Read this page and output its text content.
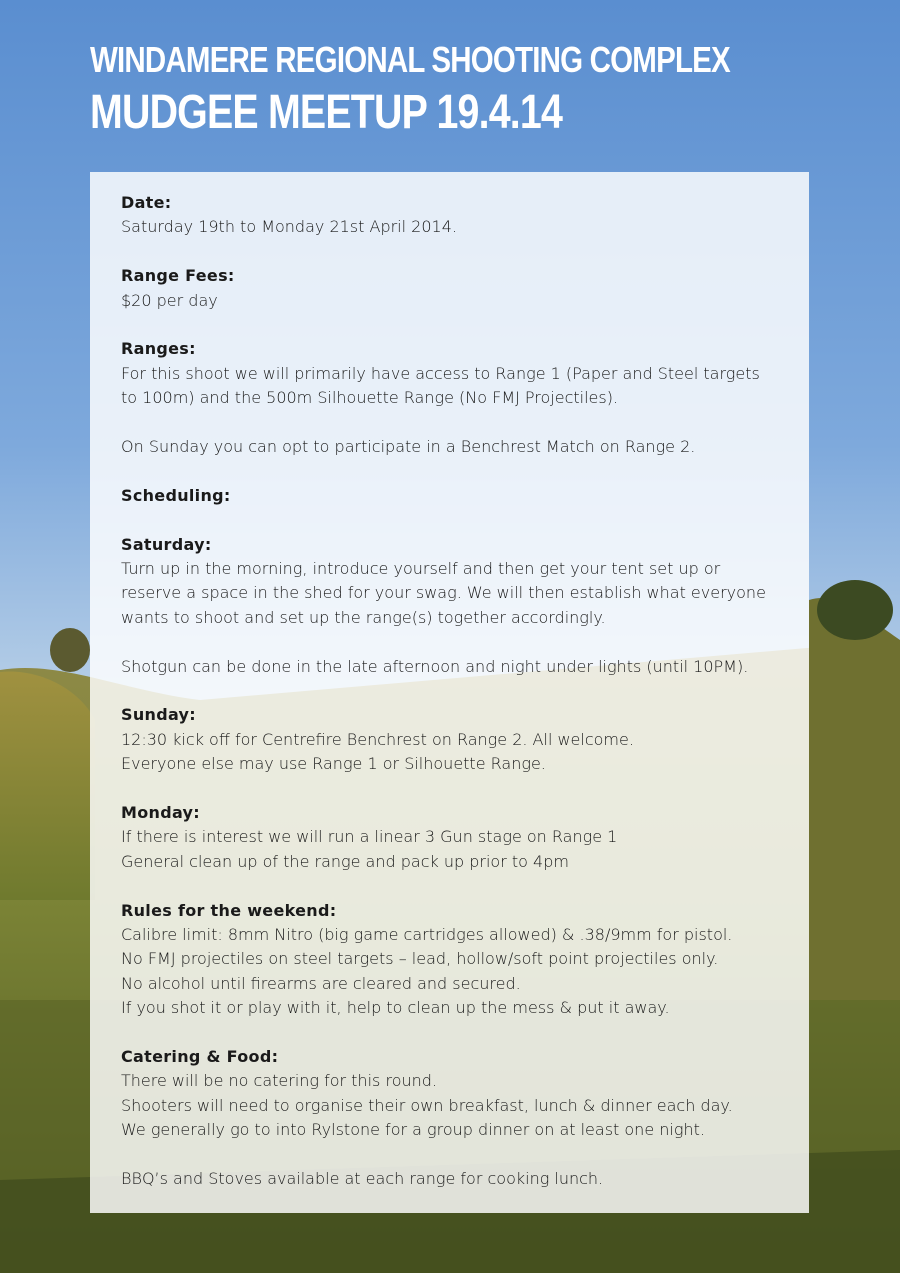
WINDAMERE REGIONAL SHOOTING COMPLEX
MUDGEE MEETUP 19.4.14

Date:
Saturday 19th to Monday 21st April 2014.

Range Fees:
$20 per day

Ranges:
For this shoot we will primarily have access to Range 1 (Paper and Steel targets
to 100m) and the 500m Silhouette Range (No FMJ Projectiles).

On Sunday you can opt to participate in a Benchrest Match on Range 2.

Scheduling:

Saturday:
Turn up in the morning, introduce yourself and then get your tent set up or
reserve a space in the shed for your swag. We will then establish what everyone
wants to shoot and set up the range(s) together accordingly.

Shotgun can be done in the late afternoon and night under lights (until 10PM).

Sunday:
12:30 kick off for Centrefire Benchrest on Range 2. All welcome.
Everyone else may use Range 1 or Silhouette Range.

Monday:
If there is interest we will run a linear 3 Gun stage on Range 1
General clean up of the range and pack up prior to 4pm

Rules for the weekend:
Calibre limit: 8mm Nitro (big game cartridges allowed) & .38/9mm for pistol.
No FMJ projectiles on steel targets – lead, hollow/soft point projectiles only.
No alcohol until firearms are cleared and secured.
If you shot it or play with it, help to clean up the mess & put it away.

Catering & Food:
There will be no catering for this round.
Shooters will need to organise their own breakfast, lunch & dinner each day.
We generally go to into Rylstone for a group dinner on at least one night.

BBQ’s and Stoves available at each range for cooking lunch.
